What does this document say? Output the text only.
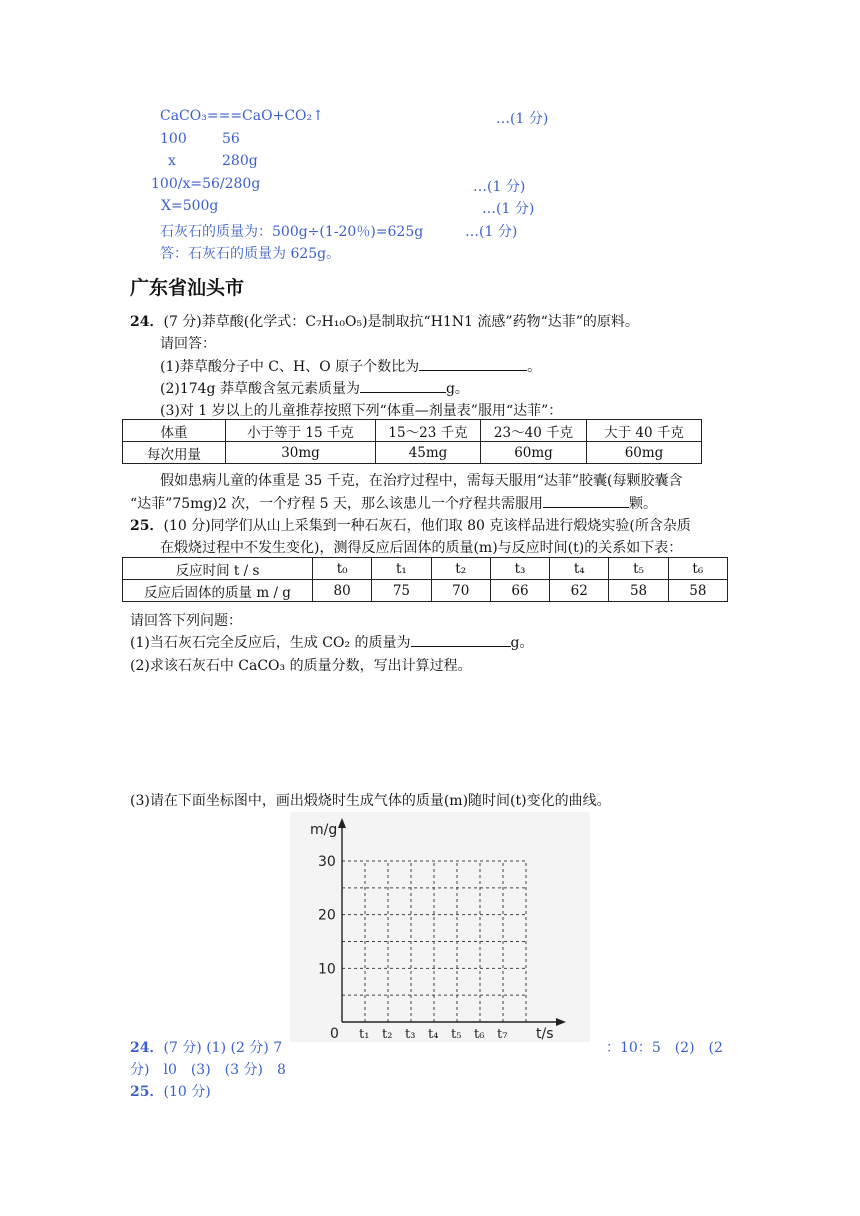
CaCO₃===CaO+CO₂↑	…(1 分)
100	56
x	280g
100/x=56/280g	…(1 分)
X=500g	…(1 分)
石灰石的质量为：500g÷(1-20％)=625g	…(1 分)
答：石灰石的质量为 625g。
广东省汕头市
24．(7 分)莽草酸(化学式：C₇H₁₀O₅)是制取抗“H1N1 流感”药物“达菲”的原料。
请回答：
(1)莽草酸分子中 C、H、O 原子个数比为	。
(2)174g 莽草酸含氢元素质量为	g。
(3)对 1 岁以上的儿童推荐按照下列“体重—剂量表”服用“达菲”：
体重	小于等于 15 千克	15～23 千克	23～40 千克	大于 40 千克
每次用量	30mg	45mg	60mg	60mg
假如患病儿童的体重是 35 千克，在治疗过程中，需每天服用“达菲”胶囊(每颗胶囊含
“达菲”75mg)2 次，一个疗程 5 天，那么该患儿一个疗程共需服用	颗。
25．(10 分)同学们从山上采集到一种石灰石，他们取 80 克该样品进行煅烧实验(所含杂质
在煅烧过程中不发生变化)，测得反应后固体的质量(m)与反应时间(t)的关系如下表：
反应时间 t / s	t₀	t₁	t₂	t₃	t₄	t₅	t₆
反应后固体的质量 m / g	80	75	70	66	62	58	58
请回答下列问题：
(1)当石灰石完全反应后，生成 CO₂ 的质量为	g。
(2)求该石灰石中 CaCO₃ 的质量分数，写出计算过程。
(3)请在下面坐标图中，画出煅烧时生成气体的质量(m)随时间(t)变化的曲线。
m/g
t/s
0 t₁ t₂ t₃ t₄ t₅ t₆ t₇
10
20
30
24．(7 分) (1) (2 分) 7	：10：5　(2)　(2
分)　l0　(3)　(3 分)　8
25．(10 分)
